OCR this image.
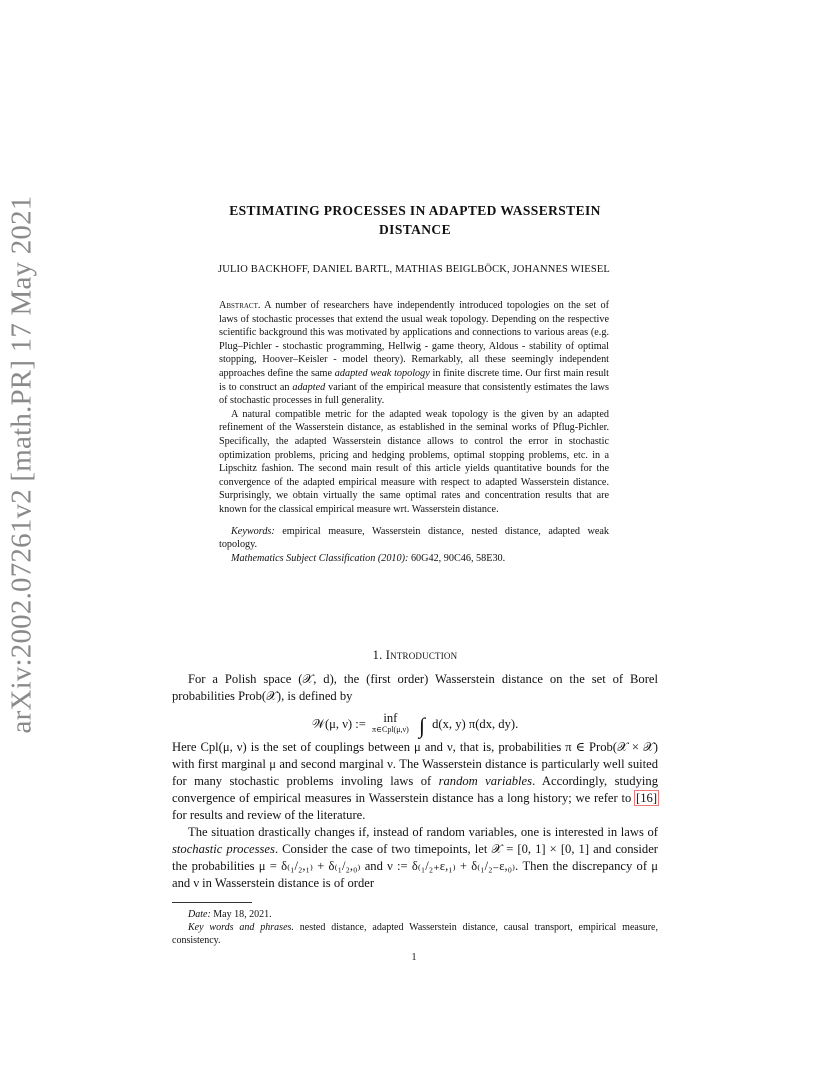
arXiv:2002.07261v2 [math.PR] 17 May 2021	ESTIMATING PROCESSES IN ADAPTED WASSERSTEIN
DISTANCE
JULIO BACKHOFF, DANIEL BARTL, MATHIAS BEIGLBÖCK, JOHANNES WIESEL

Abstract. A number of researchers have independently introduced topologies on the set of laws of stochastic processes that extend the usual weak topology. Depending on the respective scientific background this was motivated by applications and connections to various areas (e.g. Plug–Pichler - stochastic programming, Hellwig - game theory, Aldous - stability of optimal stopping, Hoover–Keisler - model theory). Remarkably, all these seemingly independent approaches define the same adapted weak topology in finite discrete time. Our first main result is to construct an adapted variant of the empirical measure that consistently estimates the laws of stochastic processes in full generality.

A natural compatible metric for the adapted weak topology is the given by an adapted refinement of the Wasserstein distance, as established in the seminal works of Pflug-Pichler. Specifically, the adapted Wasserstein distance allows to control the error in stochastic optimization problems, pricing and hedging problems, optimal stopping problems, etc. in a Lipschitz fashion. The second main result of this article yields quantitative bounds for the convergence of the adapted empirical measure with respect to adapted Wasserstein distance. Surprisingly, we obtain virtually the same optimal rates and concentration results that are known for the classical empirical measure wrt. Wasserstein distance.

Keywords: empirical measure, Wasserstein distance, nested distance, adapted weak topology.

Mathematics Subject Classification (2010): 60G42, 90C46, 58E30.

1. Introduction

For a Polish space (𝒳, d), the (first order) Wasserstein distance on the set of Borel probabilities Prob(𝒳), is defined by

𝒲(μ, ν) := inf
π∈Cpl(μ,ν) ∫ d(x, y) π(dx, dy).

Here Cpl(μ, ν) is the set of couplings between μ and ν, that is, probabilities π ∈ Prob(𝒳 × 𝒳) with first marginal μ and second marginal ν. The Wasserstein distance is particularly well suited for many stochastic problems involing laws of random variables. Accordingly, studying convergence of empirical measures in Wasserstein distance has a long history; we refer to [16] for results and review of the literature.

The situation drastically changes if, instead of random variables, one is interested in laws of stochastic processes. Consider the case of two timepoints, let 𝒳 = [0, 1] × [0, 1] and consider the probabilities μ = δ₍₁/₂,₁₎ + δ₍₁/₂,₀₎ and ν := δ₍₁/₂₊ε,₁₎ + δ₍₁/₂₋ε,₀₎. Then the discrepancy of μ and ν in Wasserstein distance is of order

Date: May 18, 2021.

Key words and phrases. nested distance, adapted Wasserstein distance, causal transport, empirical measure, consistency.

1
